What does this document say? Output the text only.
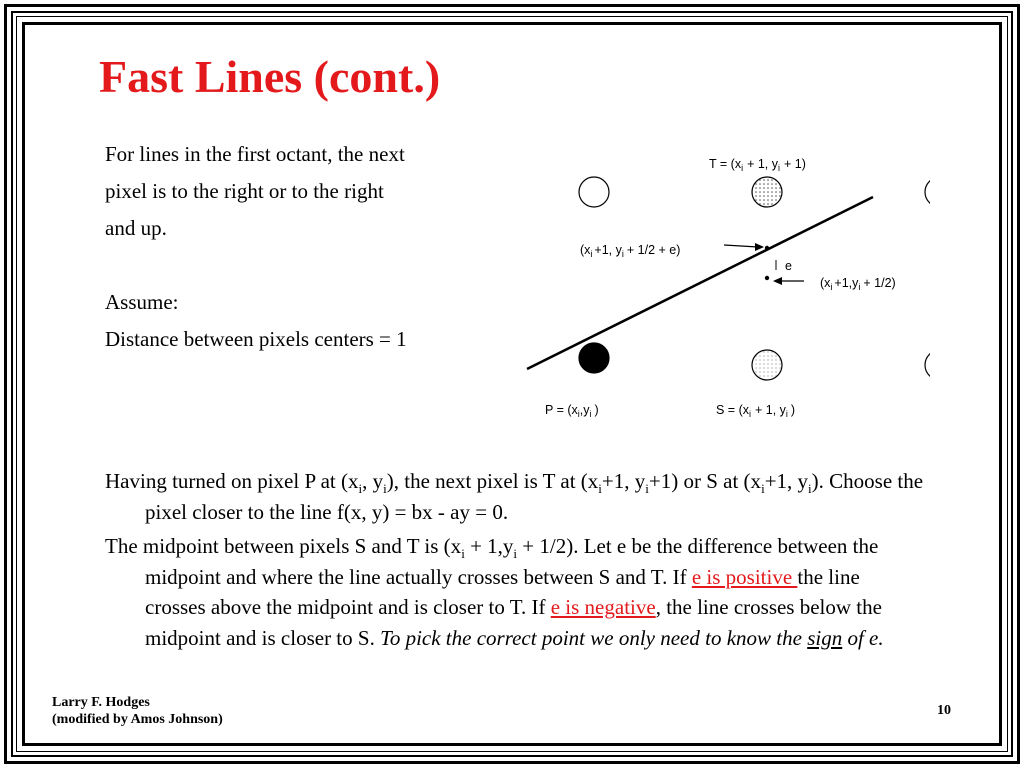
Fast Lines (cont.)

For lines in the first octant, the next

pixel is to the right or to the right

and up.

Assume:

Distance between pixels centers = 1

$T = (x_i + 1$, $y_i + 1$)
($x_i +1$, $y_i + 1/2 + e$)
e
$(x_i +1,y_i + 1/2)$
$P = (x_i,y_i$ )	$S = (x_i + 1$, $y_i$ )

Having turned on pixel P at ($x_i$, $y_i$), the next pixel is T at ($x_i+1$, $y_i+1$) or S at ($x_i+1$, $y_i$). Choose the pixel closer to the line f(x, y) = bx - ay = 0.

The midpoint between pixels S and T is $(x_i + 1,y_i + 1/2)$. Let e be the difference between the midpoint and where the line actually crosses between S and T. If e is positive the line crosses above the midpoint and is closer to T. If e is negative, the line crosses below the midpoint and is closer to S. To pick the correct point we only need to know the sign of e.

Larry F. Hodges
(modified by Amos Johnson)
10
